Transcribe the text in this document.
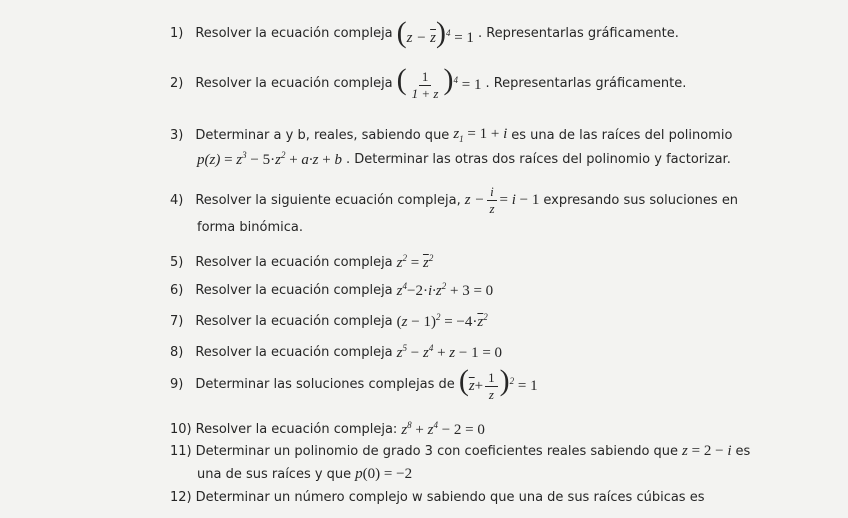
1) Resolver la ecuación compleja $(z - \overline{z})^4 = 1$ . Representarlas gráficamente.
2) Resolver la ecuación compleja ( $\frac{1}{1 + z} )^4 = 1$ . Representarlas gráficamente.
3) Determinar a y b, reales, sabiendo que $z_1 = 1 + i$ es una de las raíces del polinomio
$p(z) = z^3 - 5\cdot z^2 + a\cdot z + b$ . Determinar las otras dos raíces del polinomio y factorizar.
4) Resolver la siguiente ecuación compleja, $z - \frac{i}{z} = i - 1$ expresando sus soluciones en
forma binómica.
5) Resolver la ecuación compleja $z^2 = \overline{z}^2$
6) Resolver la ecuación compleja $z^4-2\cdot i\cdot z^2 + 3 = 0$
7) Resolver la ecuación compleja $(z - 1)^2 = -4\cdot\overline{z}^2$
8) Resolver la ecuación compleja $z^5 - z^4 + z - 1 = 0$
9) Determinar las soluciones complejas de $(\overline{z}+ \frac{1}{z} )^2 = 1$
10) Resolver la ecuación compleja: $z^8 + z^4 - 2 = 0$
11) Determinar un polinomio de grado 3 con coeficientes reales sabiendo que z = 2 − i es
una de sus raíces y que p(0) = −2
12) Determinar un número complejo w sabiendo que una de sus raíces cúbicas es
